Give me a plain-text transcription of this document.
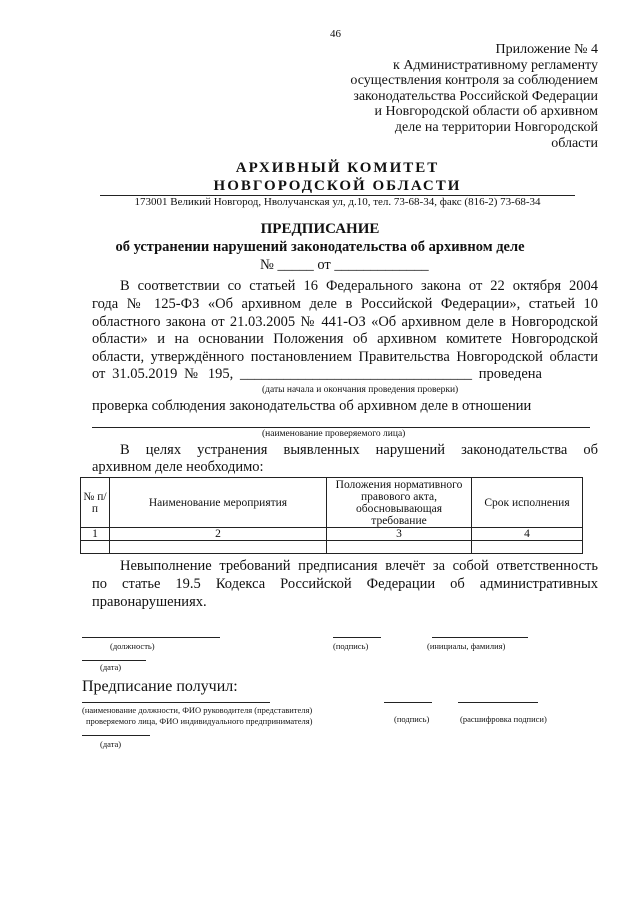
46
Приложение № 4
к Административному регламенту
осуществления контроля за соблюдением
законодательства Российской Федерации
и Новгородской области об архивном
деле на территории Новгородской
области
АРХИВНЫЙ КОМИТЕТ
НОВГОРОДСКОЙ ОБЛАСТИ
173001 Великий Новгород, Нволучанская ул, д.10, тел. 73-68-34, факс (816-2) 73-68-34
ПРЕДПИСАНИЕ
об устранении нарушений законодательства об архивном деле
№ _____ от _____________
В соответствии со статьей 16 Федерального закона от 22 октября 2004
года № 125-ФЗ «Об архивном деле в Российской Федерации», статьей 10
областного закона от 21.03.2005 № 441-ОЗ «Об архивном деле в Новгородской
области» и на основании Положения об архивном комитете Новгородской
области, утверждённого постановлением Правительства Новгородской области
от 31.05.2019 № 195, ________________________________ проведена
(даты начала и окончания проведения проверки)
проверка соблюдения законодательства об архивном деле в отношении
(наименование проверяемого лица)
В целях устранения выявленных нарушений законодательства об
архивном деле необходимо:
№ п/п	Наименование мероприятия	Положения нормативного правового акта, обосновывающая требование	Срок исполнения
1	2	3	4

Невыполнение требований предписания влечёт за собой ответственность
по статье 19.5 Кодекса Российской Федерации об административных
правонарушениях.
(должность)	(подпись)	(инициалы, фамилия)
(дата)
Предписание получил:
(наименование должности, ФИО руководителя (представителя)
проверяемого лица, ФИО индивидуального предпринимателя)	(подпись)	(расшифровка подписи)
(дата)
